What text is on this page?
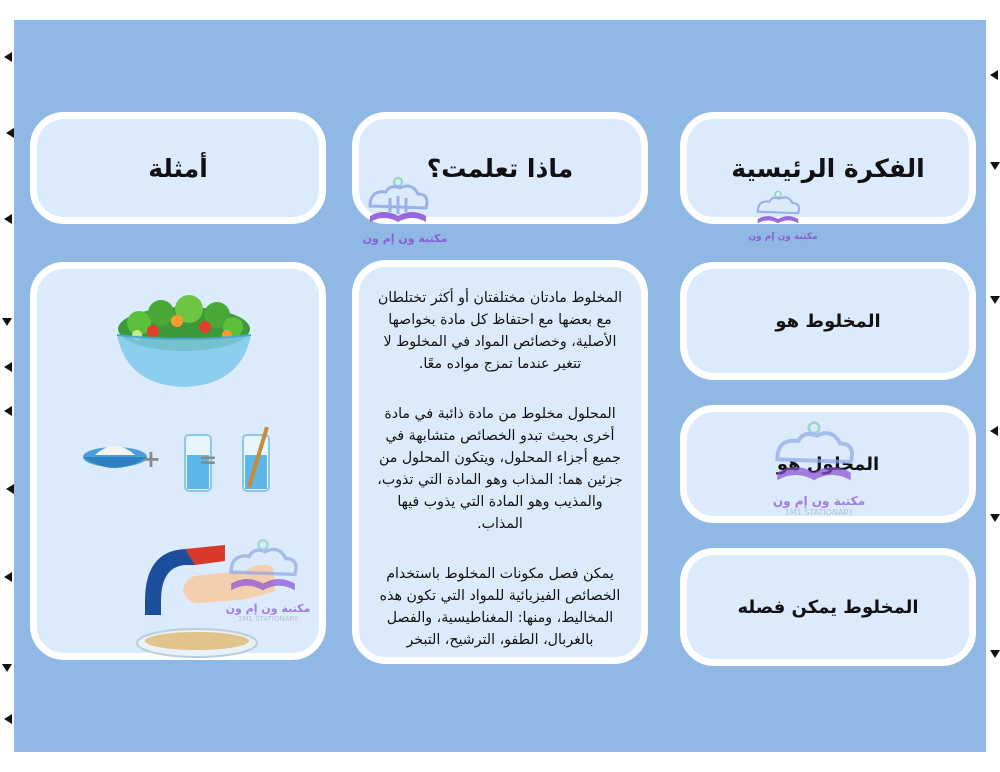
أمثلة	ماذا تعلمت؟	الفكرة الرئيسية
المخلوط هو
المحلول هو
المخلوط يمكن فصله

المخلوط مادتان مختلفتان أو أكثر تختلطان مع بعضها مع احتفاظ كل مادة بخواصها الأصلية، وخصائص المواد في المخلوط لا تتغير عندما تمزج مواده معًا.

المحلول مخلوط من مادة ذائبة في مادة أخرى بحيث تبدو الخصائص متشابهة في جميع أجزاء المحلول، ويتكون المحلول من جزئين هما: المذاب وهو المادة التي تذوب، والمذيب وهو المادة التي يذوب فيها المذاب.

يمكن فصل مكونات المخلوط باستخدام الخصائص الفيزيائية للمواد التي تكون هذه المخاليط، ومنها: المغناطيسية، والفصل بالغربال، الطفو، الترشيح، التبخر

+ =
مكتبة ون إم ون	مكتبة ون إم ون
مكتبة ون إم ون
1M1 STATIONARY
مكتبة ون إم ون
1M1 STATIONARY
